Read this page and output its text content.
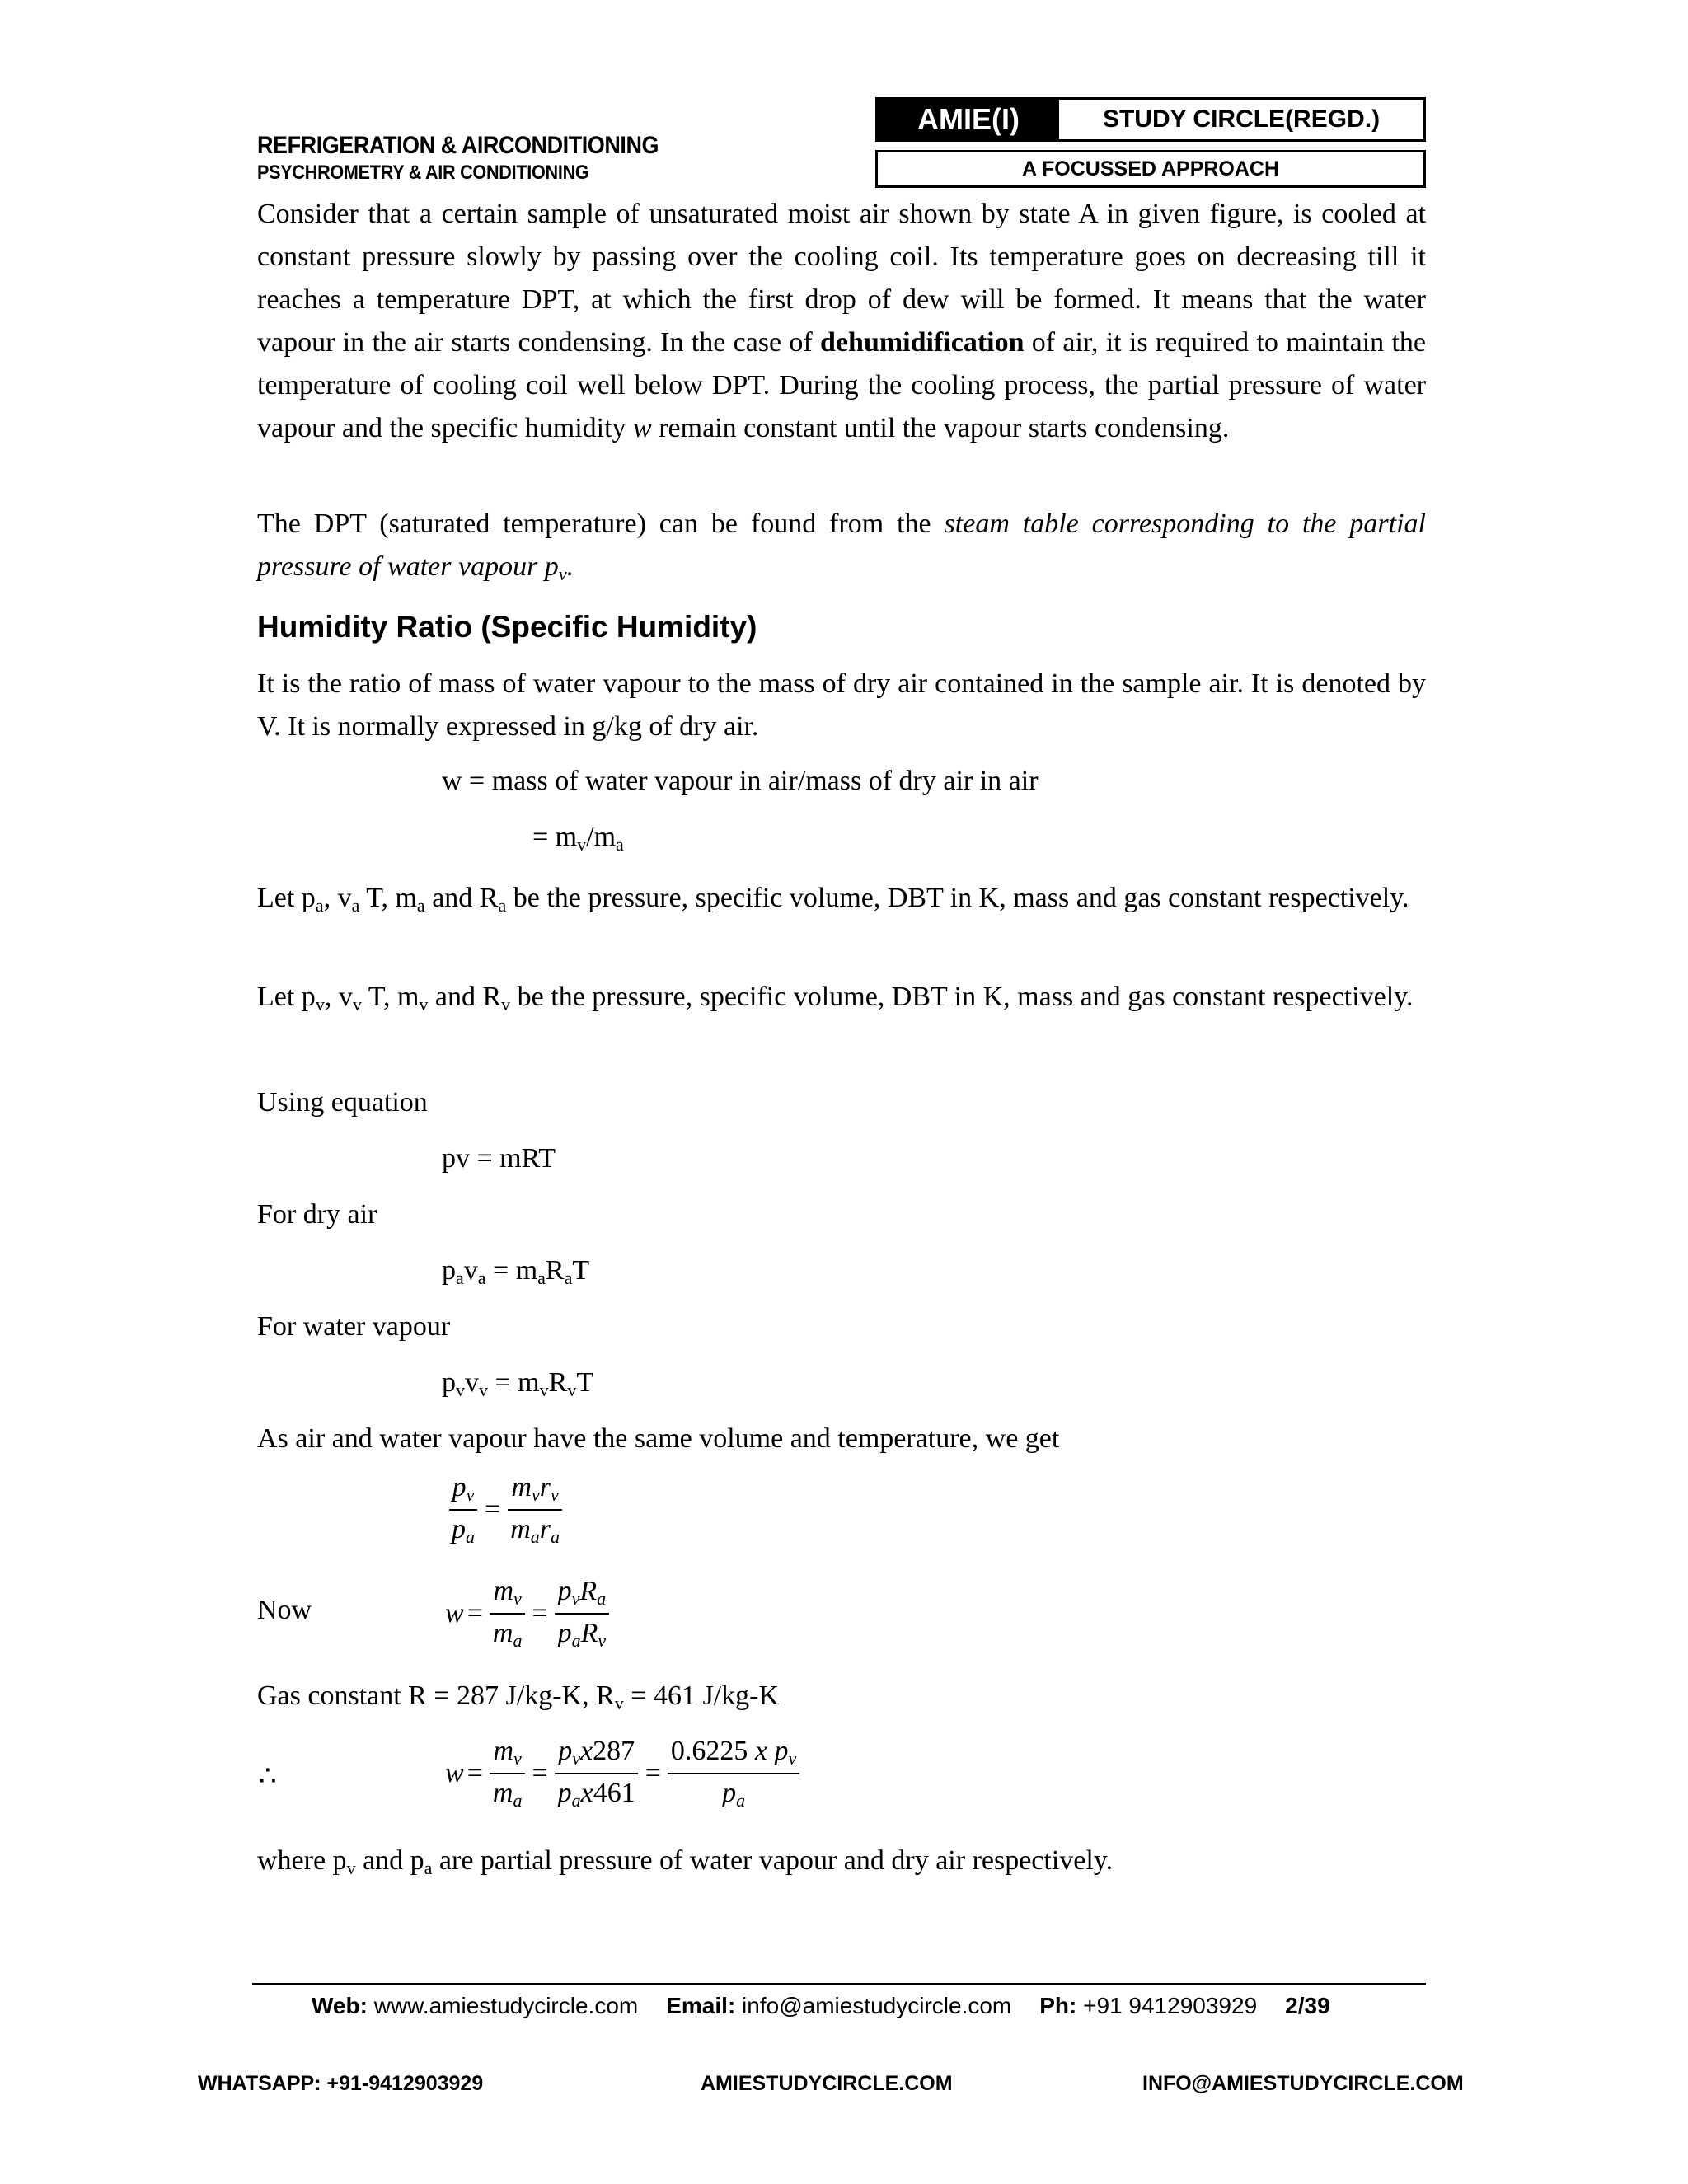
REFRIGERATION & AIRCONDITIONING
PSYCHROMETRY & AIR CONDITIONING
AMIE(I)	STUDY CIRCLE(REGD.)
A FOCUSSED APPROACH
Consider that a certain sample of unsaturated moist air shown by state A in given figure, is cooled at constant pressure slowly by passing over the cooling coil. Its temperature goes on decreasing till it reaches a temperature DPT, at which the first drop of dew will be formed. It means that the water vapour in the air starts condensing. In the case of dehumidification of air, it is required to maintain the temperature of cooling coil well below DPT. During the cooling process, the partial pressure of water vapour and the specific humidity w remain constant until the vapour starts condensing.
The DPT (saturated temperature) can be found from the steam table corresponding to the partial pressure of water vapour $p_v$.
Humidity Ratio (Specific Humidity)
It is the ratio of mass of water vapour to the mass of dry air contained in the sample air. It is denoted by V. It is normally expressed in g/kg of dry air.
w = mass of water vapour in air/mass of dry air in air
= $m_v/m_a$
Let $p_a$, $v_a$ T, $m_a$ and $R_a$ be the pressure, specific volume, DBT in K, mass and gas constant respectively.
Let $p_v$, $v_v$ T, $m_v$ and $R_v$ be the pressure, specific volume, DBT in K, mass and gas constant respectively.
Using equation
pv = mRT
For dry air
$p_av_a = m_aR_aT$
For water vapour
$p_vv_v = m_vR_vT$
As air and water vapour have the same volume and temperature, we get
$\frac{pv}{pa} = \frac{\text{mvrv}}{\text{mara}}$
Now	$w = \frac{mv}{ma} = \frac{\text{pvRa}}{\text{paRv}}$
Gas constant R = 287 J/kg-K, $R_v = 461$ J/kg-K
∴	$w = \frac{mv}{ma} = \frac{\text{pvx287}}{\text{pax461}} = \frac{\text{0.6225 x pv}}{pa}$
where $p_v$ and $p_a$ are partial pressure of water vapour and dry air respectively.
Web: www.amiestudycircle.com Email: info@amiestudycircle.com Ph: +91 9412903929 2/39
WHATSAPP: +91-9412903929	AMIESTUDYCIRCLE.COM	INFO@AMIESTUDYCIRCLE.COM
